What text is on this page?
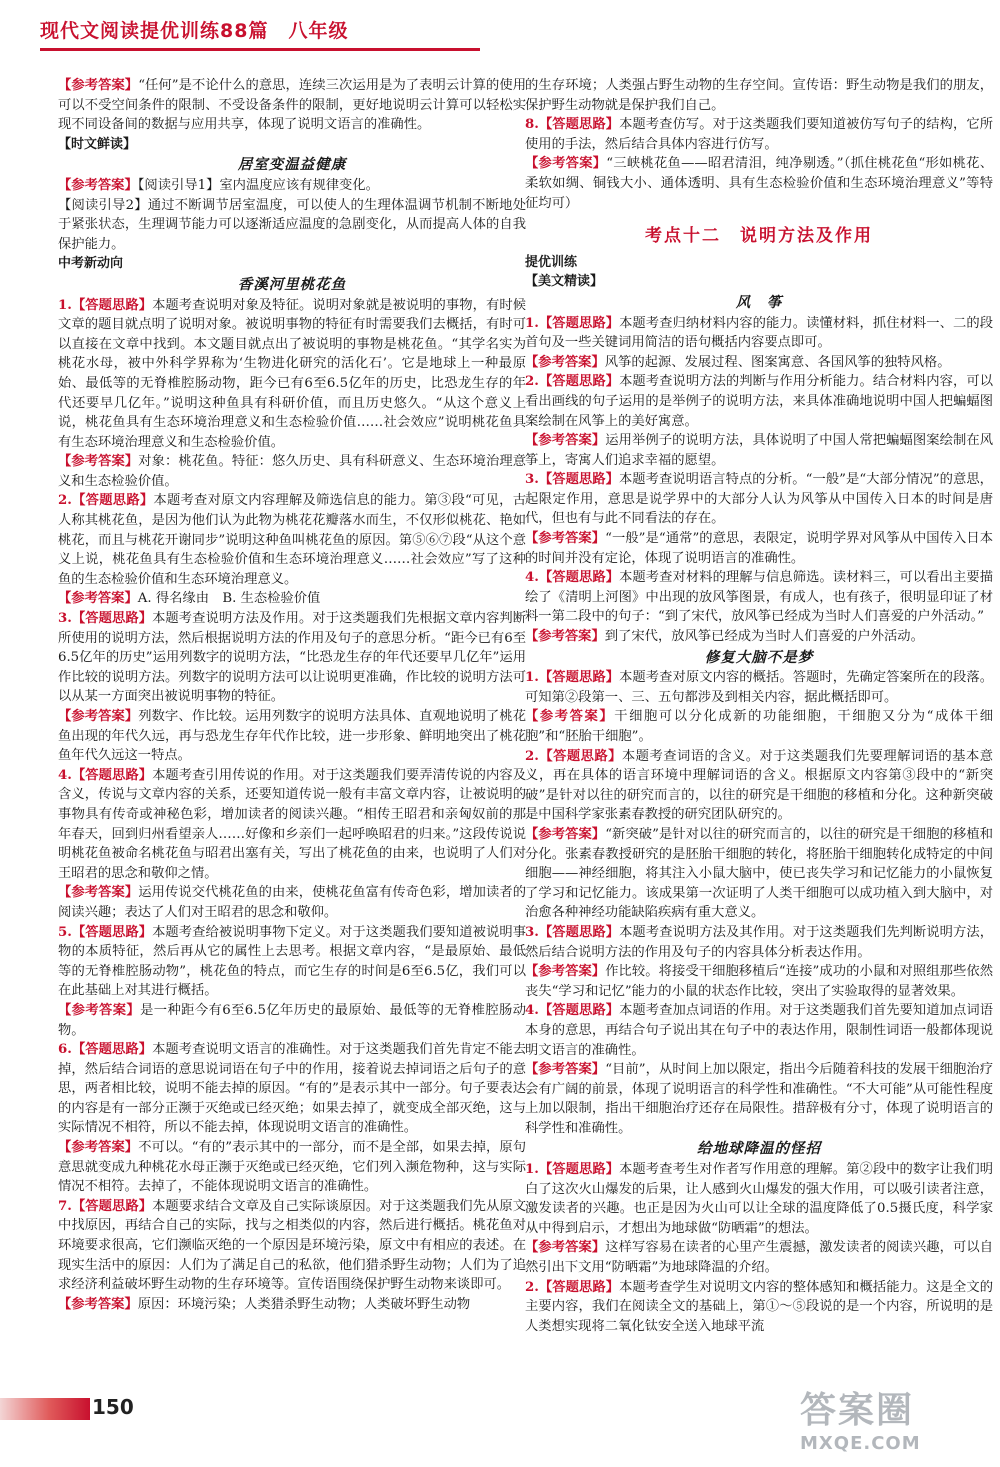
现代文阅读提优训练88篇　八年级

【参考答案】“任何”是不论什么的意思，连续三次运用是为了表明云计算的使用可以不受空间条件的限制、不受设备条件的限制，更好地说明云计算可以轻松实现不同设备间的数据与应用共享，体现了说明文语言的准确性。

【时文鲜读】
居室变温益健康

【参考答案】【阅读引导1】室内温度应该有规律变化。

【阅读引导2】通过不断调节居室温度，可以使人的生理体温调节机制不断地处于紧张状态，生理调节能力可以逐渐适应温度的急剧变化，从而提高人体的自我保护能力。

中考新动向
香溪河里桃花鱼

1.【答题思路】本题考查说明对象及特征。说明对象就是被说明的事物，有时候文章的题目就点明了说明对象。被说明事物的特征有时需要我们去概括，有时可以直接在文章中找到。本文题目就点出了被说明的事物是桃花鱼。“其学名实为桃花水母，被中外科学界称为‘生物进化研究的活化石’。它是地球上一种最原始、最低等的无脊椎腔肠动物，距今已有6至6.5亿年的历史，比恐龙生存的年代还要早几亿年。”说明这种鱼具有科研价值，而且历史悠久。“从这个意义上说，桃花鱼具有生态环境治理意义和生态检验价值……社会效应”说明桃花鱼具有生态环境治理意义和生态检验价值。

【参考答案】对象：桃花鱼。特征：悠久历史、具有科研意义、生态环境治理意义和生态检验价值。

2.【答题思路】本题考查对原文内容理解及筛选信息的能力。第③段“可见，古人称其桃花鱼，是因为他们认为此物为桃花花瓣落水而生，不仅形似桃花、艳如桃花，而且与桃花开谢同步”说明这种鱼叫桃花鱼的原因。第⑤⑥⑦段“从这个意义上说，桃花鱼具有生态检验价值和生态环境治理意义……社会效应”写了这种鱼的生态检验价值和生态环境治理意义。

【参考答案】A. 得名缘由　B. 生态检验价值

3.【答题思路】本题考查说明方法及作用。对于这类题我们先根据文章内容判断所使用的说明方法，然后根据说明方法的作用及句子的意思分析。“距今已有6至6.5亿年的历史”运用列数字的说明方法，“比恐龙生存的年代还要早几亿年”运用作比较的说明方法。列数字的说明方法可以让说明更准确，作比较的说明方法可以从某一方面突出被说明事物的特征。

【参考答案】列数字、作比较。运用列数字的说明方法具体、直观地说明了桃花鱼出现的年代久远，再与恐龙生存年代作比较，进一步形象、鲜明地突出了桃花鱼年代久远这一特点。

4.【答题思路】本题考查引用传说的作用。对于这类题我们要弄清传说的内容及含义，传说与文章内容的关系，还要知道传说一般有丰富文章内容，让被说明的事物具有传奇或神秘色彩，增加读者的阅读兴趣。“相传王昭君和亲匈奴前的那年春天，回到归州看望亲人……好像和乡亲们一起呼唤昭君的归来。”这段传说说明桃花鱼被命名桃花鱼与昭君出塞有关，写出了桃花鱼的由来，也说明了人们对王昭君的思念和敬仰之情。

【参考答案】运用传说交代桃花鱼的由来，使桃花鱼富有传奇色彩，增加读者的阅读兴趣；表达了人们对王昭君的思念和敬仰。

5.【答题思路】本题考查给被说明事物下定义。对于这类题我们要知道被说明事物的本质特征，然后再从它的属性上去思考。根据文章内容，“是最原始、最低等的无脊椎腔肠动物”，桃花鱼的特点，而它生存的时间是6至6.5亿，我们可以在此基础上对其进行概括。

【参考答案】是一种距今有6至6.5亿年历史的最原始、最低等的无脊椎腔肠动物。

6.【答题思路】本题考查说明文语言的准确性。对于这类题我们首先肯定不能去掉，然后结合词语的意思说词语在句子中的作用，接着说去掉词语之后句子的意思，两者相比较，说明不能去掉的原因。“有的”是表示其中一部分。句子要表达的内容是有一部分正濒于灭绝或已经灭绝；如果去掉了，就变成全部灭绝，这与实际情况不相符，所以不能去掉，体现说明文语言的准确性。

【参考答案】不可以。“有的”表示其中的一部分，而不是全部，如果去掉，原句意思就变成九种桃花水母正濒于灭绝或已经灭绝，它们列入濒危物种，这与实际情况不相符。去掉了，不能体现说明文语言的准确性。

7.【答题思路】本题要求结合文章及自己实际谈原因。对于这类题我们先从原文中找原因，再结合自己的实际，找与之相类似的内容，然后进行概括。桃花鱼对环境要求很高，它们濒临灭绝的一个原因是环境污染，原文中有相应的表述。在现实生活中的原因：人们为了满足自己的私欲，他们猎杀野生动物；人们为了追求经济利益破坏野生动物的生存环境等。宣传语围绕保护野生动物来谈即可。

【参考答案】原因：环境污染；人类猎杀野生动物；人类破坏野生动物

的生存环境；人类强占野生动物的生存空间。宣传语：野生动物是我们的朋友，保护野生动物就是保护我们自己。

8.【答题思路】本题考查仿写。对于这类题我们要知道被仿写句子的结构，它所使用的手法，然后结合具体内容进行仿写。

【参考答案】“三峡桃花鱼——昭君清泪，纯净剔透。”（抓住桃花鱼“形如桃花、柔软如绸、铜钱大小、通体透明、具有生态检验价值和生态环境治理意义”等特征均可）

考点十二　说明方法及作用
提优训练
【美文精读】
风　筝

1.【答题思路】本题考查归纳材料内容的能力。读懂材料，抓住材料一、二的段首句及一些关键词用简洁的语句概括内容要点即可。

【参考答案】风筝的起源、发展过程、图案寓意、各国风筝的独特风格。

2.【答题思路】本题考查说明方法的判断与作用分析能力。结合材料内容，可以看出画线的句子运用的是举例子的说明方法，来具体准确地说明中国人把蝙蝠图案绘制在风筝上的美好寓意。

【参考答案】运用举例子的说明方法，具体说明了中国人常把蝙蝠图案绘制在风筝上，寄寓人们追求幸福的愿望。

3.【答题思路】本题考查说明语言特点的分析。“一般”是“大部分情况”的意思，起限定作用，意思是说学界中的大部分人认为风筝从中国传入日本的时间是唐代，但也有与此不同看法的存在。

【参考答案】“一般”是“通常”的意思，表限定，说明学界对风筝从中国传入日本的时间并没有定论，体现了说明语言的准确性。

4.【答题思路】本题考查对材料的理解与信息筛选。读材料三，可以看出主要描绘了《清明上河图》中出现的放风筝图景，有成人，也有孩子，很明显印证了材料一第二段中的句子：“到了宋代，放风筝已经成为当时人们喜爱的户外活动。”

【参考答案】到了宋代，放风筝已经成为当时人们喜爱的户外活动。

修复大脑不是梦

1.【答题思路】本题考查对原文内容的概括。答题时，先确定答案所在的段落。可知第②段第一、三、五句都涉及到相关内容，据此概括即可。

【参考答案】干细胞可以分化成新的功能细胞，干细胞又分为“成体干细胞”和“胚胎干细胞”。

2.【答题思路】本题考查词语的含义。对于这类题我们先要理解词语的基本意义，再在具体的语言环境中理解词语的含义。根据原文内容第③段中的“新突破”是针对以往的研究而言的，以往的研究是干细胞的移植和分化。这种新突破是中国科学家张素春教授的研究团队研究的。

【参考答案】“新突破”是针对以往的研究而言的，以往的研究是干细胞的移植和分化。张素春教授研究的是胚胎干细胞的转化，将胚胎干细胞转化成特定的中间细胞——神经细胞，将其注入小鼠大脑中，使已丧失学习和记忆能力的小鼠恢复了学习和记忆能力。该成果第一次证明了人类干细胞可以成功植入到大脑中，对治愈各种神经功能缺陷疾病有重大意义。

3.【答题思路】本题考查说明方法及其作用。对于这类题我们先判断说明方法，然后结合说明方法的作用及句子的内容具体分析表达作用。

【参考答案】作比较。将接受干细胞移植后“连接”成功的小鼠和对照组那些依然丧失“学习和记忆”能力的小鼠的状态作比较，突出了实验取得的显著效果。

4.【答题思路】本题考查加点词语的作用。对于这类题我们首先要知道加点词语本身的意思，再结合句子说出其在句子中的表达作用，限制性词语一般都体现说明文语言的准确性。

【参考答案】“目前”，从时间上加以限定，指出今后随着科技的发展干细胞治疗会有广阔的前景，体现了说明语言的科学性和准确性。“不大可能”从可能性程度上加以限制，指出干细胞治疗还存在局限性。措辞极有分寸，体现了说明语言的科学性和准确性。

给地球降温的怪招

1.【答题思路】本题考查考生对作者写作用意的理解。第②段中的数字让我们明白了这次火山爆发的后果，让人感到火山爆发的强大作用，可以吸引读者注意，激发读者的兴趣。也正是因为火山可以让全球的温度降低了0.5摄氏度，科学家从中得到启示，才想出为地球做“防晒霜”的想法。

【参考答案】这样写容易在读者的心里产生震撼，激发读者的阅读兴趣，可以自然引出下文用“防晒霜”为地球降温的介绍。

2.【答题思路】本题考查学生对说明文内容的整体感知和概括能力。这是全文的主要内容，我们在阅读全文的基础上，第①～⑤段说的是一个内容，所说明的是人类想实现将二氧化钛安全送入地球平流

150	答案圈
MXQE.COM
